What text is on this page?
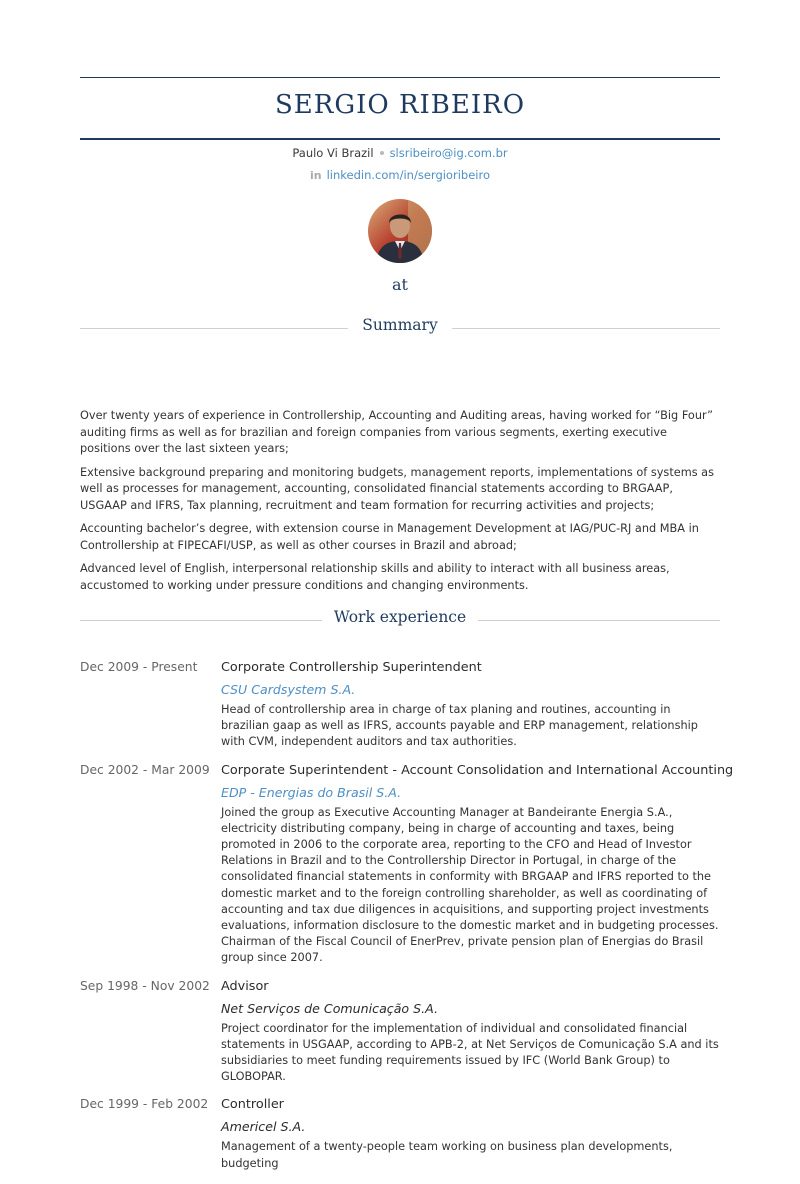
SERGIO RIBEIRO
Paulo Vi Brazil slsribeiro@ig.com.br
in linkedin.com/in/sergioribeiro
at
Summary

Over twenty years of experience in Controllership, Accounting and Auditing areas, having worked for “Big Four” auditing firms as well as for brazilian and foreign companies from various segments, exerting executive positions over the last sixteen years;

Extensive background preparing and monitoring budgets, management reports, implementations of systems as well as processes for management, accounting, consolidated financial statements according to BRGAAP, USGAAP and IFRS, Tax planning, recruitment and team formation for recurring activities and projects;

Accounting bachelor’s degree, with extension course in Management Development at IAG/PUC-RJ and MBA in Controllership at FIPECAFI/USP, as well as other courses in Brazil and abroad;

Advanced level of English, interpersonal relationship skills and ability to interact with all business areas, accustomed to working under pressure conditions and changing environments.

Work experience
Dec 2009 - Present	Corporate Controllership Superintendent
CSU Cardsystem S.A.
Head of controllership area in charge of tax planing and routines, accounting in brazilian gaap as well as IFRS, accounts payable and ERP management, relationship with CVM, independent auditors and tax authorities.
Dec 2002 - Mar 2009 Corporate Superintendent - Account Consolidation and International Accounting
EDP - Energias do Brasil S.A.
Joined the group as Executive Accounting Manager at Bandeirante Energia S.A., electricity distributing company, being in charge of accounting and taxes, being promoted in 2006 to the corporate area, reporting to the CFO and Head of Investor Relations in Brazil and to the Controllership Director in Portugal, in charge of the consolidated financial statements in conformity with BRGAAP and IFRS reported to the domestic market and to the foreign controlling shareholder, as well as coordinating of accounting and tax due diligences in acquisitions, and supporting project investments evaluations, information disclosure to the domestic market and in budgeting processes. Chairman of the Fiscal Council of EnerPrev, private pension plan of Energias do Brasil group since 2007.
Sep 1998 - Nov 2002 Advisor
Net Serviços de Comunicação S.A.
Project coordinator for the implementation of individual and consolidated financial statements in USGAAP, according to APB-2, at Net Serviços de Comunicação S.A and its subsidiaries to meet funding requirements issued by IFC (World Bank Group) to GLOBOPAR.
Dec 1999 - Feb 2002 Controller
Americel S.A.
Management of a twenty-people team working on business plan developments, budgeting
